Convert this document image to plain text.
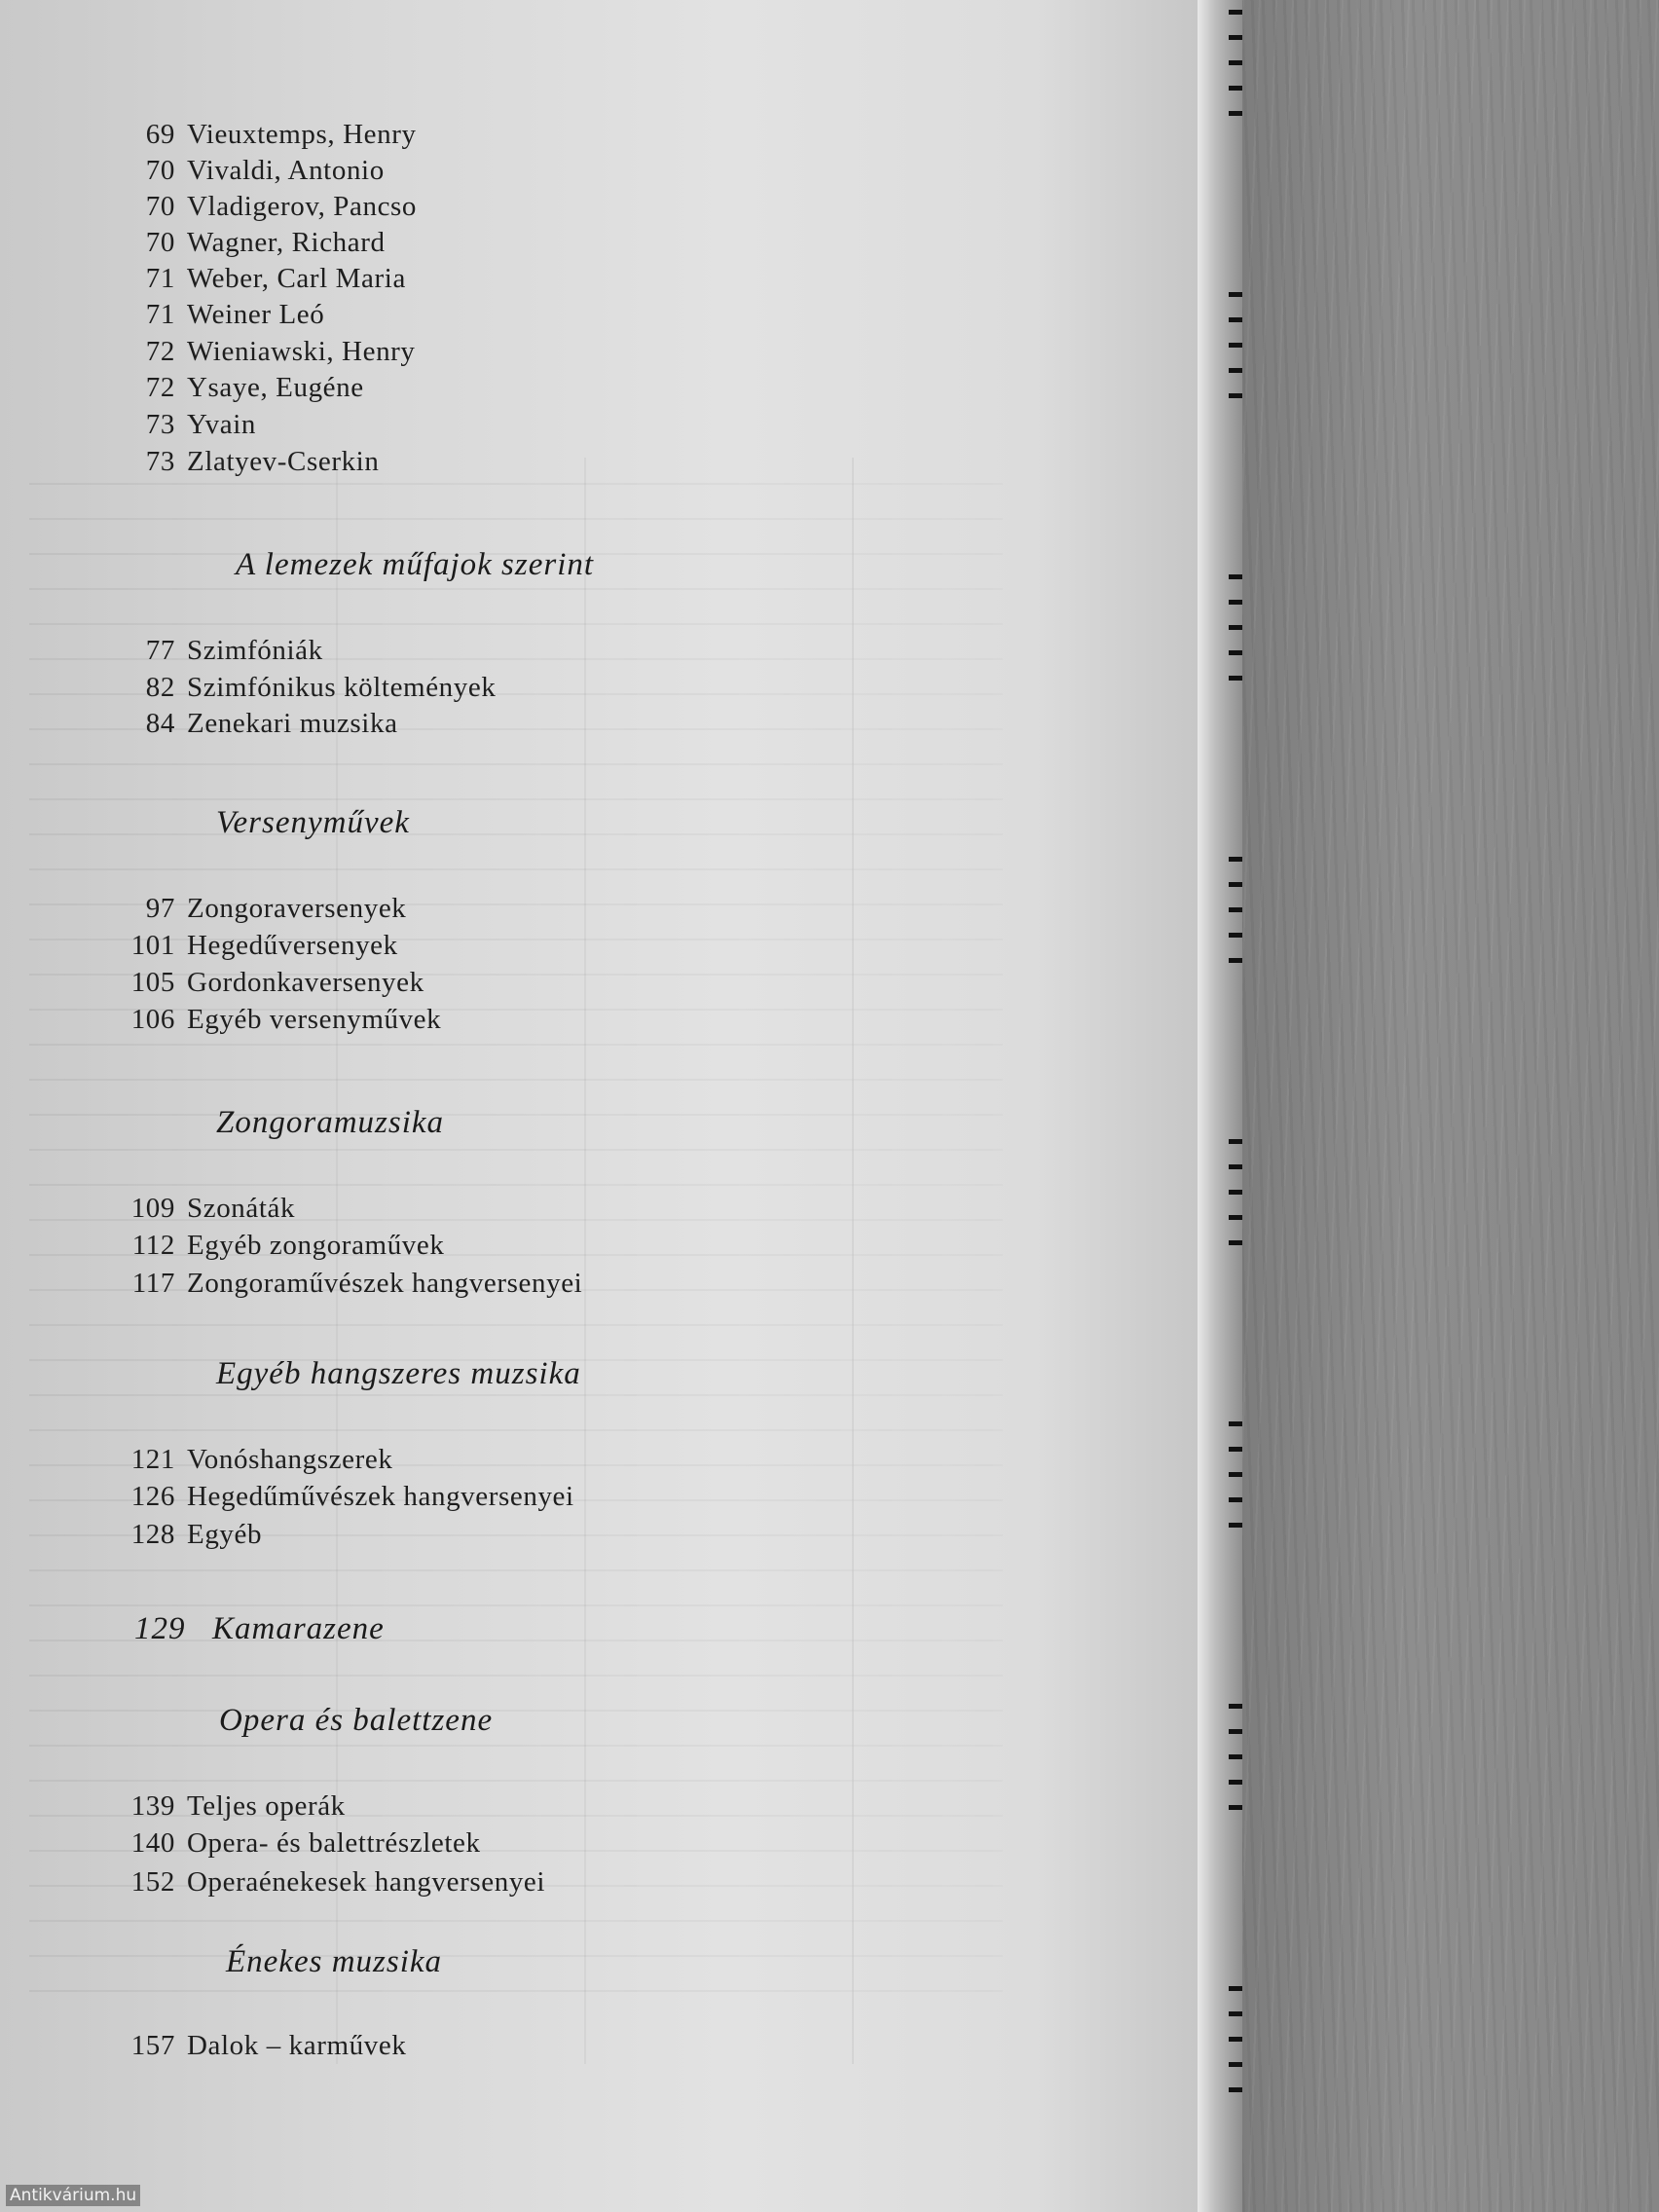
69 Vieuxtemps, Henry
70 Vivaldi, Antonio
70 Vladigerov, Pancso
70 Wagner, Richard
71 Weber, Carl Maria
71 Weiner Leó
72 Wieniawski, Henry
72 Ysaye, Eugéne
73 Yvain
73 Zlatyev-Cserkin
A lemezek műfajok szerint
77 Szimfóniák
82 Szimfónikus költemények
84 Zenekari muzsika
Versenyművek
97 Zongoraversenyek
101 Hegedűversenyek
105 Gordonkaversenyek
106 Egyéb versenyművek
Zongoramuzsika
109 Szonáták
112 Egyéb zongoraművek
117 Zongoraművészek hangversenyei
Egyéb hangszeres muzsika
121 Vonóshangszerek
126 Hegedűművészek hangversenyei
128 Egyéb
129 Kamarazene
Opera és balettzene
139 Teljes operák
140 Opera- és balettrészletek
152 Operaénekesek hangversenyei
Énekes muzsika
157 Dalok – karművek
Antikvárium.hu
